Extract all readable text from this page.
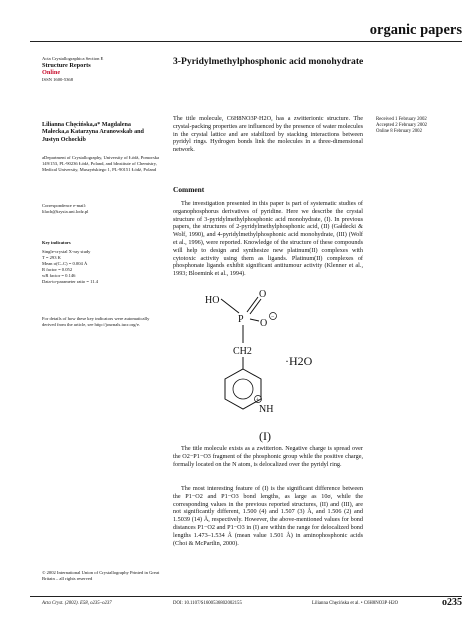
organic papers
Acta Crystallographica Section E
Structure Reports
Online
ISSN 1600-5368
3-Pyridylmethylphosphonic acid monohydrate
Lilianna Chęcińska,a* Magdalena Małecka,a Katarzyna Aranowskab and Justyn Ochockib
aDepartment of Crystallography, University of Łódź, Pomorska 149/153, PL-90236 Łódź, Poland, and bInstitute of Chemistry, Medical University, Muszyńskiego 1, PL-90151 Łódź, Poland
Correspondence e-mail:
lilach@krysia.uni.lodz.pl
Key indicators
Single-crystal X-ray study
T = 293 K
Mean σ(C–C) = 0.004 Å
R factor = 0.052
wR factor = 0.146
Data-to-parameter ratio = 11.4
For details of how these key indicators were automatically derived from the article, see http://journals.iucr.org/e.
The title molecule, C6H8NO3P·H2O, has a zwitterionic structure. The crystal-packing properties are influenced by the presence of water molecules in the crystal lattice and are stabilized by stacking interactions between pyridyl rings. Hydrogen bonds link the molecules in a three-dimensional network.
Received 1 February 2002
Accepted 2 February 2002
Online 8 February 2002
Comment
The investigation presented in this paper is part of systematic studies of organophosphorus derivatives of pyridine. Here we describe the crystal structure of 3-pyridylmethylphosphonic acid monohydrate, (I). In previous papers, the structures of 2-pyridylmethylphosphonic acid, (II) (Gałdecki & Wolf, 1990), and 4-pyridylmethylphosphonic acid monohydrate, (III) (Wolf et al., 1996), were reported. Knowledge of the structure of these compounds will help to design and synthesize new platinum(II) complexes with cytotoxic activity using them as ligands. Platinum(II) complexes of phosphonate ligands exhibit significant antitumour activity (Klenner et al., 1993; Bloemink et al., 1994).
HO
P
O
O
−
CH2
·H2O
NH
+
(I)
The title molecule exists as a zwitterion. Negative charge is spread over the O2−P1−O3 fragment of the phosphonic group while the positive charge, formally located on the N atom, is delocalized over the pyridyl ring.
The most interesting feature of (I) is the significant difference between the P1−O2 and P1−O3 bond lengths, as large as 10σ, while the corresponding values in the previous reported structures, (II) and (III), are not significantly different, 1.500 (4) and 1.507 (3) Å, and 1.506 (2) and 1.5039 (14) Å, respectively. However, the above-mentioned values for bond distances P1−O2 and P1−O3 in (I) are within the range for delocalized bond lengths 1.473–1.534 Å (mean value 1.501 Å) in aminophosphonic acids (Choi & McPartlin, 2000).
© 2002 International Union of Crystallography Printed in Great Britain – all rights reserved
Acta Cryst. (2002). E58, o235–o237	DOI: 10.1107/S160053680200215​5	Lilianna Chęcińska et al. • C6H8NO3P·H2O	o235
